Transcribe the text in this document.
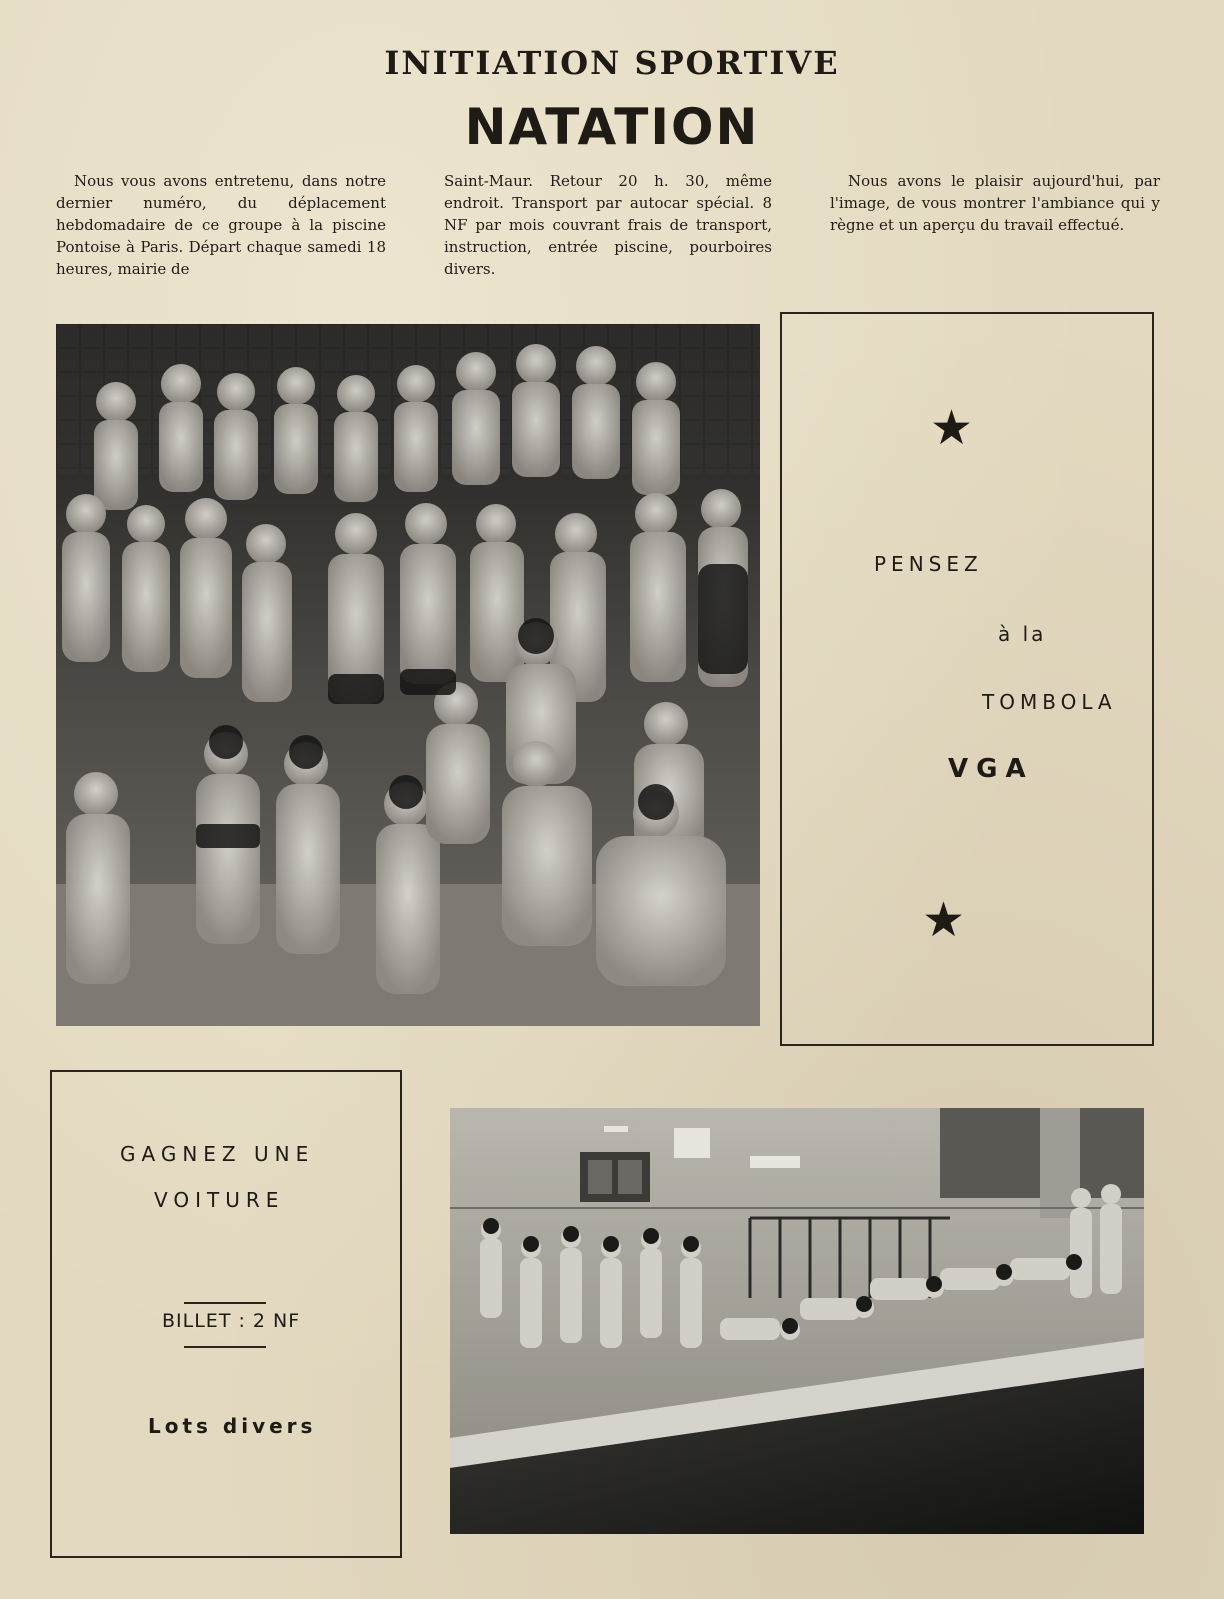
INITIATION SPORTIVE
NATATION

Nous vous avons entretenu, dans notre dernier numéro, du déplacement hebdomadaire de ce groupe à la piscine Pontoise à Paris. Départ chaque samedi 18 heures, mairie de

Saint-Maur. Retour 20 h. 30, même endroit. Transport par autocar spécial. 8 NF par mois couvrant frais de transport, instruction, entrée piscine, pourboires divers.

Nous avons le plaisir aujourd'hui, par l'image, de vous montrer l'ambiance qui y règne et un aperçu du travail effectué.

★
PENSEZ
à la
TOMBOLA
VGA
★
GAGNEZ UNE
VOITURE
BILLET : 2 NF
Lots divers
